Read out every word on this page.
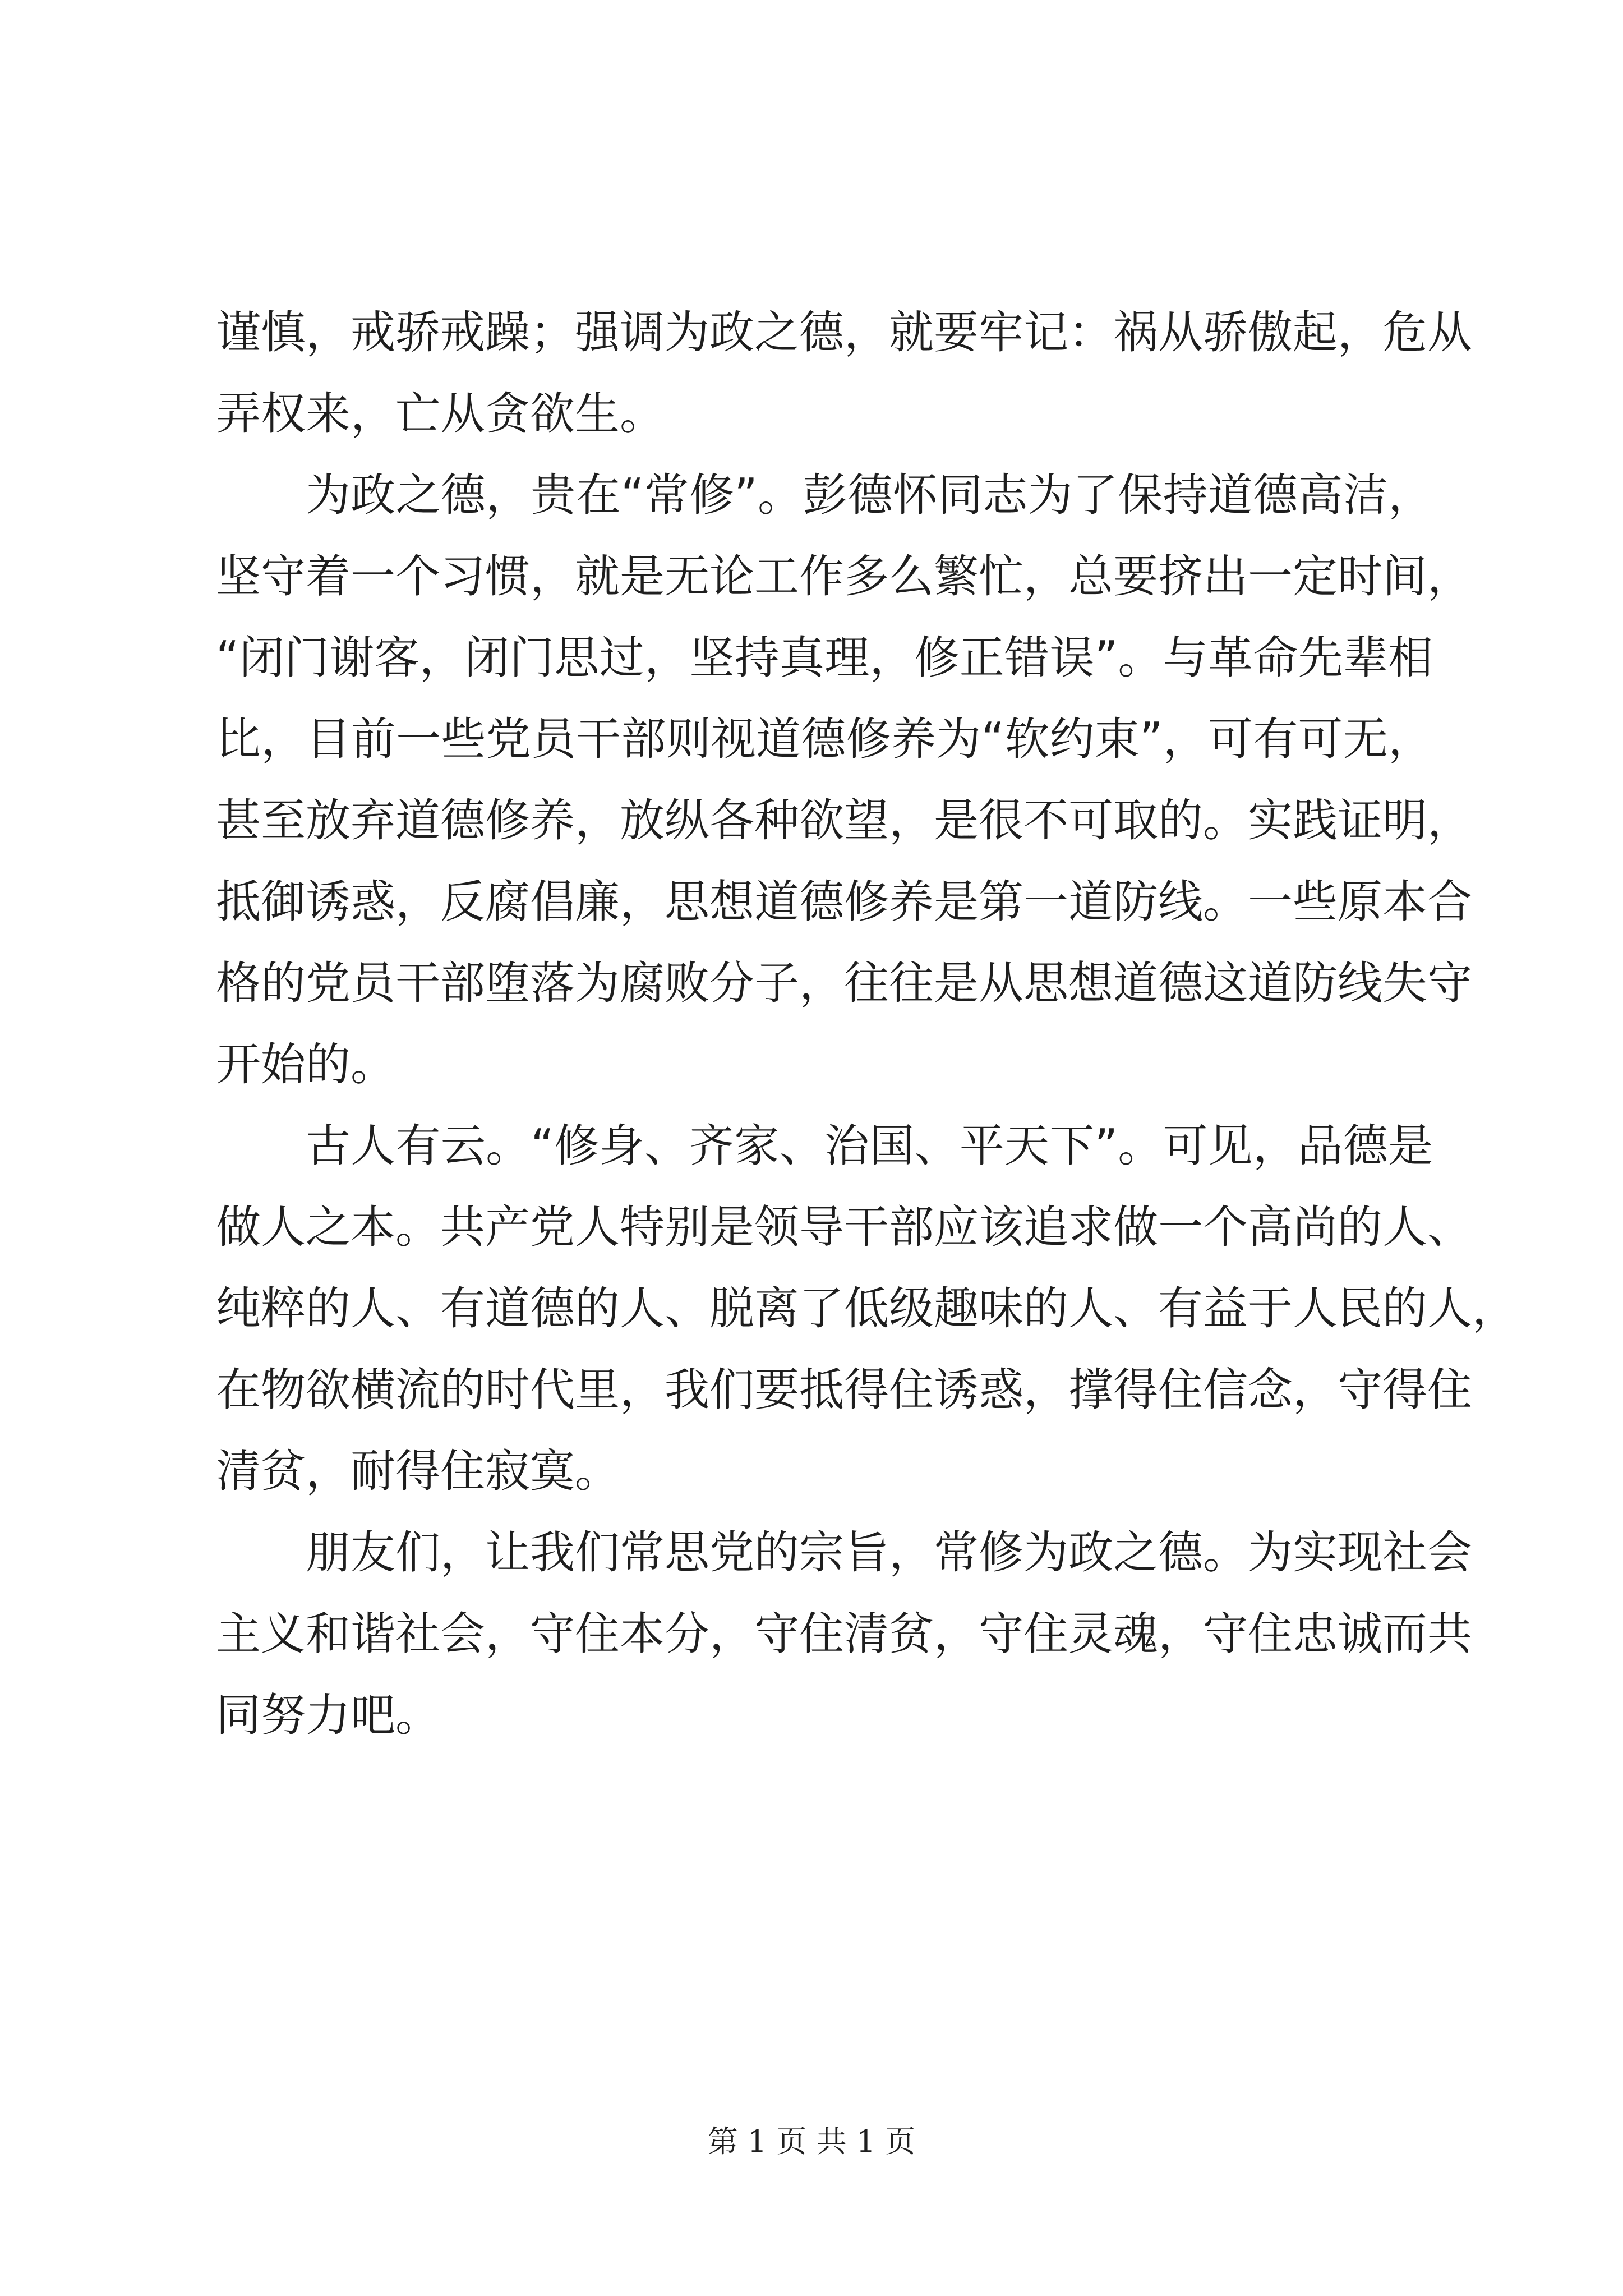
谨慎，戒骄戒躁；强调为政之德，就要牢记：祸从骄傲起，危从
弄权来，亡从贪欲生。
为政之德，贵在“常修”。彭德怀同志为了保持道德高洁，
坚守着一个习惯，就是无论工作多么繁忙，总要挤出一定时间，
“闭门谢客，闭门思过，坚持真理，修正错误”。与革命先辈相
比，目前一些党员干部则视道德修养为“软约束”，可有可无，
甚至放弃道德修养，放纵各种欲望，是很不可取的。实践证明，
抵御诱惑，反腐倡廉，思想道德修养是第一道防线。一些原本合
格的党员干部堕落为腐败分子，往往是从思想道德这道防线失守
开始的。
古人有云。“修身、齐家、治国、平天下”。可见，品德是
做人之本。共产党人特别是领导干部应该追求做一个高尚的人、
纯粹的人、有道德的人、脱离了低级趣味的人、有益于人民的人，
在物欲横流的时代里，我们要抵得住诱惑，撑得住信念，守得住
清贫，耐得住寂寞。
朋友们，让我们常思党的宗旨，常修为政之德。为实现社会
主义和谐社会，守住本分，守住清贫，守住灵魂，守住忠诚而共
同努力吧。
第 1 页 共 1 页
